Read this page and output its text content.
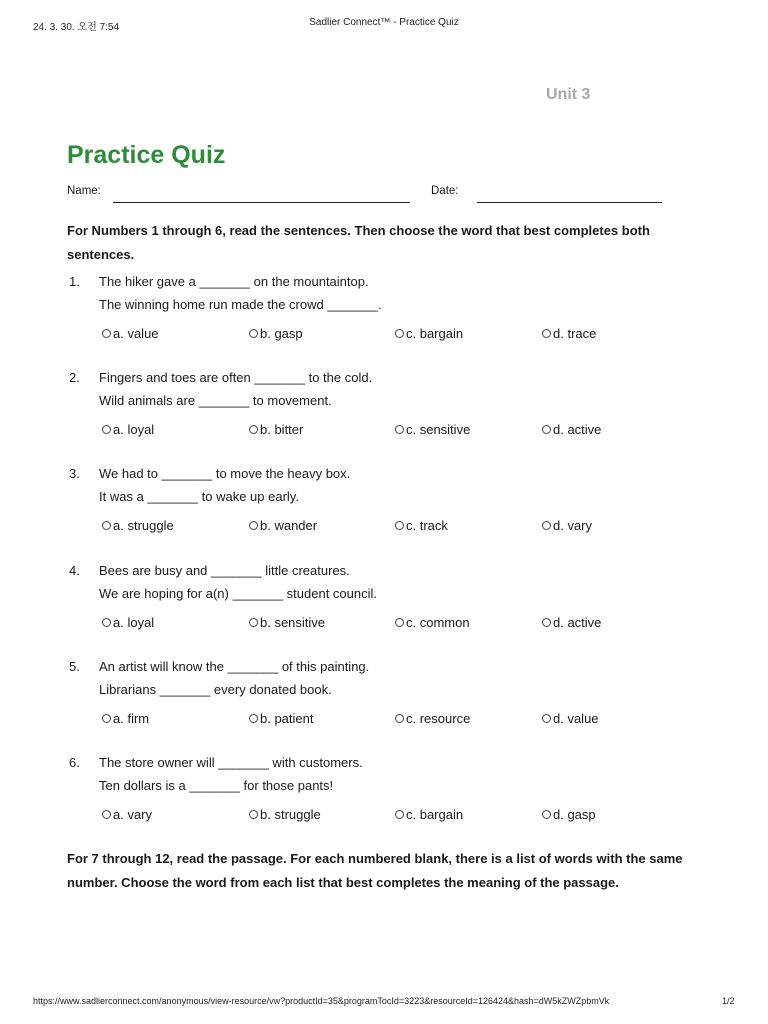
24. 3. 30. 오전 7:54	Sadlier Connect™ - Practice Quiz
Unit 3
Practice Quiz
Name:	Date:
For Numbers 1 through 6, read the sentences. Then choose the word that best completes both sentences.
1. The hiker gave a _______ on the mountaintop.
The winning home run made the crowd _______.
a. value	b. gasp	c. bargain	d. trace
2. Fingers and toes are often _______ to the cold.
Wild animals are _______ to movement.
a. loyal	b. bitter	c. sensitive	d. active
3. We had to _______ to move the heavy box.
It was a _______ to wake up early.
a. struggle	b. wander	c. track	d. vary
4. Bees are busy and _______ little creatures.
We are hoping for a(n) _______ student council.
a. loyal	b. sensitive	c. common	d. active
5. An artist will know the _______ of this painting.
Librarians _______ every donated book.
a. firm	b. patient	c. resource	d. value
6. The store owner will _______ with customers.
Ten dollars is a _______ for those pants!
a. vary	b. struggle	c. bargain	d. gasp
For 7 through 12, read the passage. For each numbered blank, there is a list of words with the same number. Choose the word from each list that best completes the meaning of the passage.
https://www.sadlierconnect.com/anonymous/view-resource/vw?productId=35&programTocId=3223&resourceId=126424&hash=dW5kZWZpbmVk	1/2
